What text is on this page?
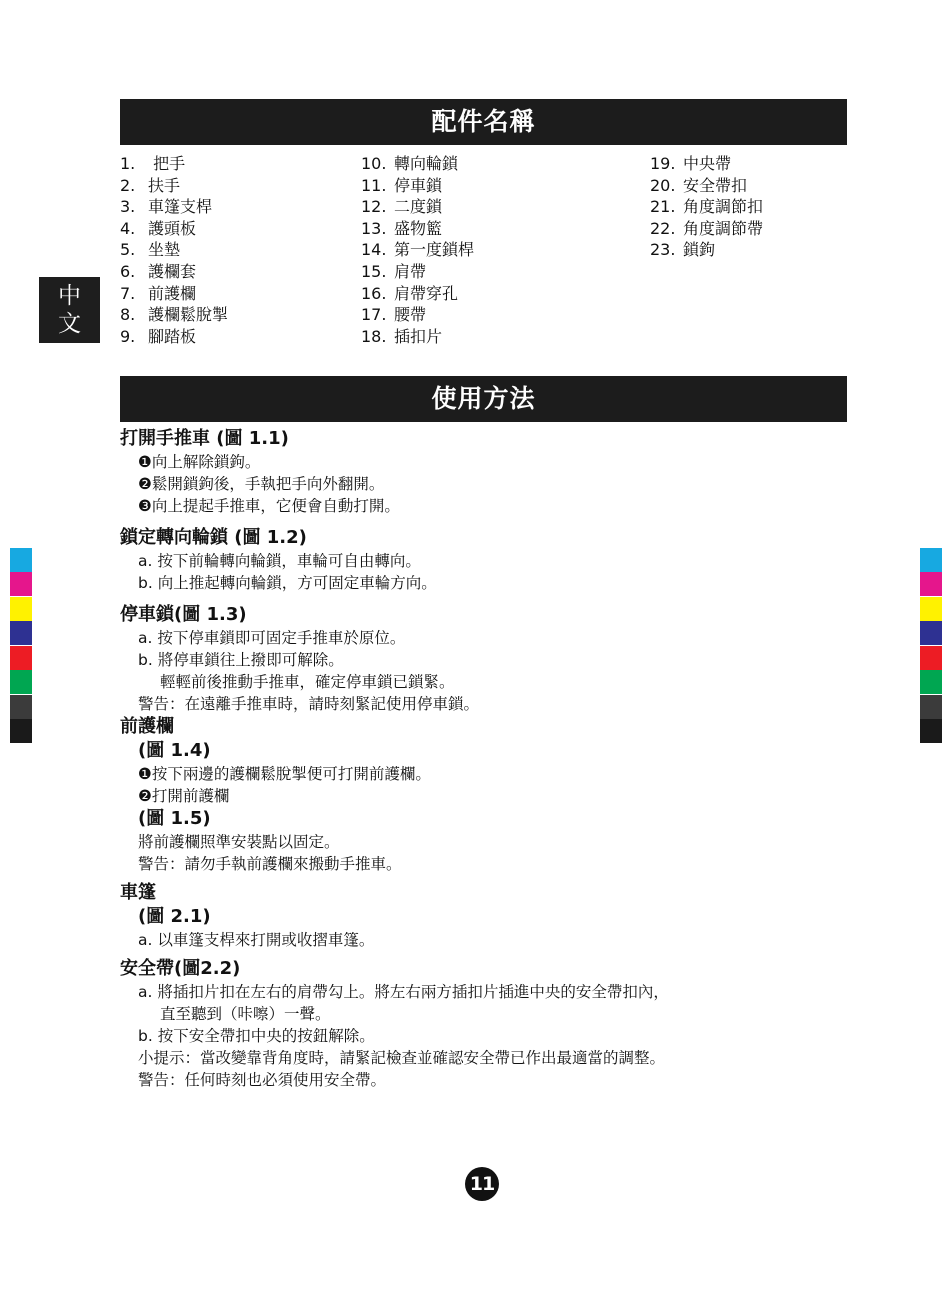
配件名稱
中
文
1. 把手
2. 扶手
3. 車篷支桿
4. 護頭板
5. 坐墊
6. 護欄套
7. 前護欄
8. 護欄鬆脫掣
9. 腳踏板
10. 轉向輪鎖
11. 停車鎖
12. 二度鎖
13. 盛物籃
14. 第一度鎖桿
15. 肩帶
16. 肩帶穿孔
17. 腰帶
18. 插扣片
19. 中央帶
20. 安全帶扣
21. 角度調節扣
22. 角度調節帶
23. 鎖鉤
使用方法
打開手推車 (圖 1.1)
❶向上解除鎖鉤。
❷鬆開鎖鉤後，手執把手向外翻開。
❸向上提起手推車，它便會自動打開。
鎖定轉向輪鎖 (圖 1.2)
a. 按下前輪轉向輪鎖，車輪可自由轉向。
b. 向上推起轉向輪鎖，方可固定車輪方向。
停車鎖(圖 1.3)
a. 按下停車鎖即可固定手推車於原位。
b. 將停車鎖往上撥即可解除。
輕輕前後推動手推車，確定停車鎖已鎖緊。
警告：在遠離手推車時，請時刻緊記使用停車鎖。
前護欄
(圖 1.4)
❶按下兩邊的護欄鬆脫掣便可打開前護欄。
❷打開前護欄
(圖 1.5)
將前護欄照準安裝點以固定。
警告：請勿手執前護欄來搬動手推車。
車篷
(圖 2.1)
a. 以車篷支桿來打開或收摺車篷。
安全帶(圖2.2)
a. 將插扣片扣在左右的肩帶勾上。將左右兩方插扣片插進中央的安全帶扣內，
直至聽到（咔嚓）一聲。
b. 按下安全帶扣中央的按鈕解除。
小提示：當改變靠背角度時，請緊記檢查並確認安全帶已作出最適當的調整。
警告：任何時刻也必須使用安全帶。
11
